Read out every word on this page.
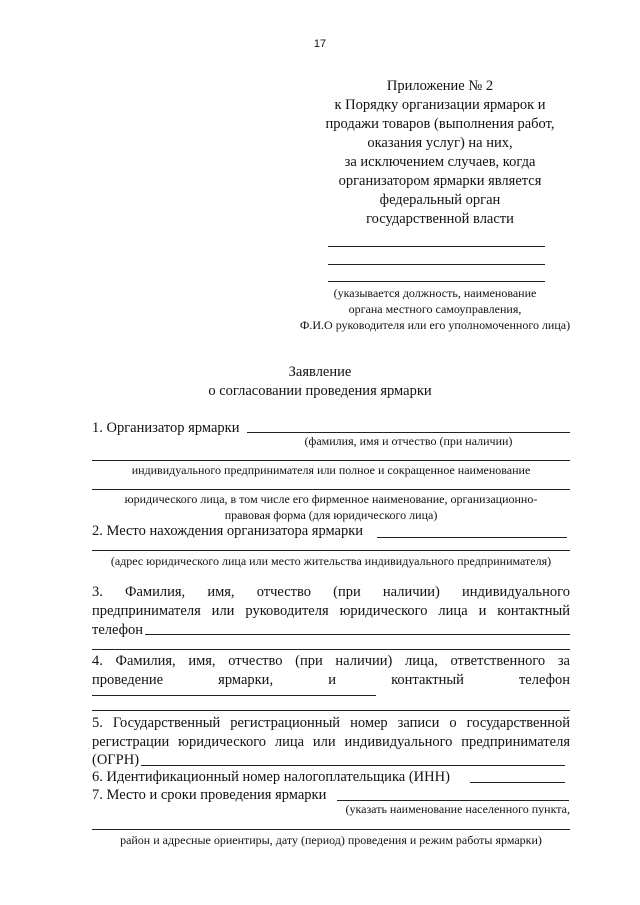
17
Приложение № 2
к Порядку организации ярмарок и
продажи товаров (выполнения работ,
оказания услуг) на них,
за исключением случаев, когда
организатором ярмарки является
федеральный орган
государственной власти
(указывается должность, наименование
органа местного самоуправления,
Ф.И.О руководителя или его уполномоченного лица)
Заявление
о согласовании проведения ярмарки
1. Организатор ярмарки
(фамилия, имя и отчество (при наличии)
индивидуального предпринимателя или полное и сокращенное наименование
юридического лица, в том числе его фирменное наименование, организационно-
правовая форма (для юридического лица)
2. Место нахождения организатора ярмарки
(адрес юридического лица или место жительства индивидуального предпринимателя)
3. Фамилия, имя, отчество (при наличии) индивидуального
предпринимателя или руководителя юридического лица и контактный
телефон
4. Фамилия, имя, отчество (при наличии) лица, ответственного за
проведение ярмарки, и контактный телефон
5. Государственный регистрационный номер записи о государственной
регистрации юридического лица или индивидуального предпринимателя
(ОГРН)
6. Идентификационный номер налогоплательщика (ИНН)
7. Место и сроки проведения ярмарки
(указать наименование населенного пункта,
район и адресные ориентиры, дату (период) проведения и режим работы ярмарки)
